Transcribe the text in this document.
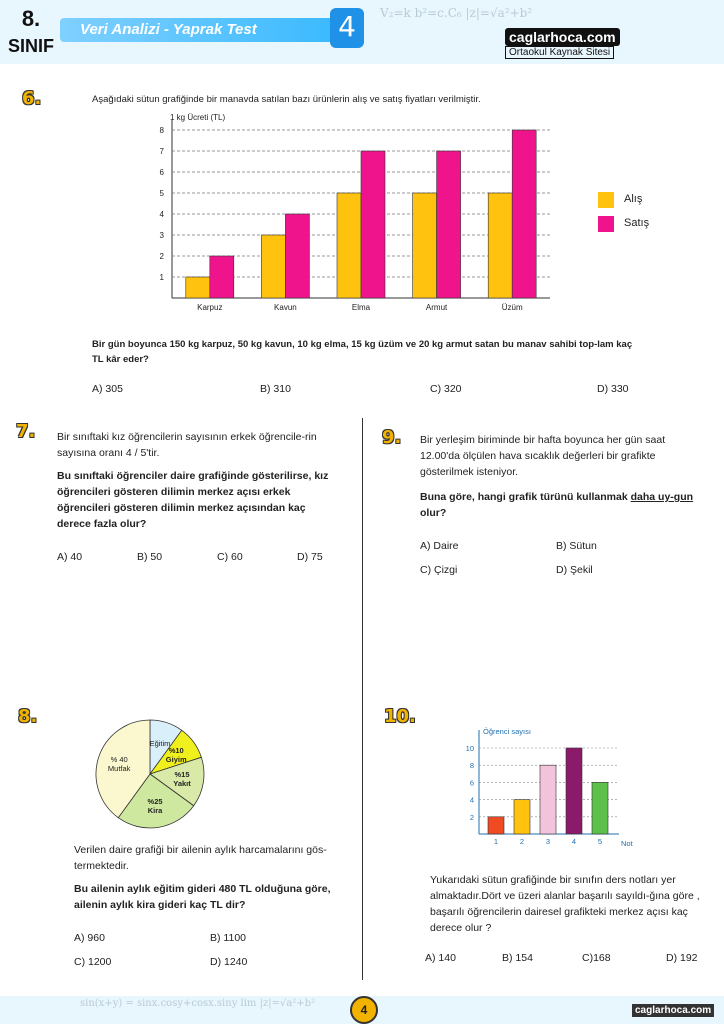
V₂=k b²=c.C₆ |z|=√a²+b²
8.
SINIF
Veri Analizi - Yaprak Test	4	caglarhoca.com
Ortaokul Kaynak Sitesi
6.	Aşağıdaki sütun grafiğinde bir manavda satılan bazı ürünlerin alış ve satış fiyatları verilmiştir.
1 kg Ücreti (TL)
Karpuz	Kavun	Elma	Armut	Üzüm
1
2
3
4
5
6
7
8
Alış
Satış
Bir gün boyunca 150 kg karpuz, 50 kg kavun, 10 kg elma, 15 kg üzüm ve 20 kg armut satan bu manav sahibi top-lam kaç TL kâr eder?
A) 305	B) 310	C) 320	D) 330
7. Bir sınıftaki kız öğrencilerin sayısının erkek öğrencile-rin sayısına oranı 4 / 5'tir.
Bu sınıftaki öğrenciler daire grafiğinde gösterilirse, kız öğrencileri gösteren dilimin merkez açısı erkek öğrencileri gösteren dilimin merkez açısından kaç derece fazla olur?
A) 40	B) 50	C) 60	D) 75
9. Bir yerleşim biriminde bir hafta boyunca her gün saat 12.00'da ölçülen hava sıcaklık değerleri bir grafikte gösterilmek isteniyor.
Buna göre, hangi grafik türünü kullanmak daha uy-gun olur?
A) Daire	B) Sütun
C) Çizgi	D) Şekil
8.
Eğitim
%10 Giyim
%15 Yakıt
%25 Kira
% 40 Mutfak
Verilen daire grafiği bir ailenin aylık harcamalarını gös-termektedir.
Bu ailenin aylık eğitim gideri 480 TL olduğuna göre, ailenin aylık kira gideri kaç TL dir?
A) 960	B) 1100
C) 1200	D) 1240
10.
Öğrenci sayısı
Not
1	2	3	4	5
2
4
6
8
10
Yukarıdaki sütun grafiğinde bir sınıfın ders notları yer almaktadır.Dört ve üzeri alanlar başarılı sayıldı-ğına göre , başarılı öğrencilerin dairesel grafikteki merkez açısı kaç derece olur ?
A) 140	B) 154	C)168	D) 192
sin(x+y) = sinx.cosy+cosx.siny lim |z|=√a²+b²	4	caglarhoca.com
